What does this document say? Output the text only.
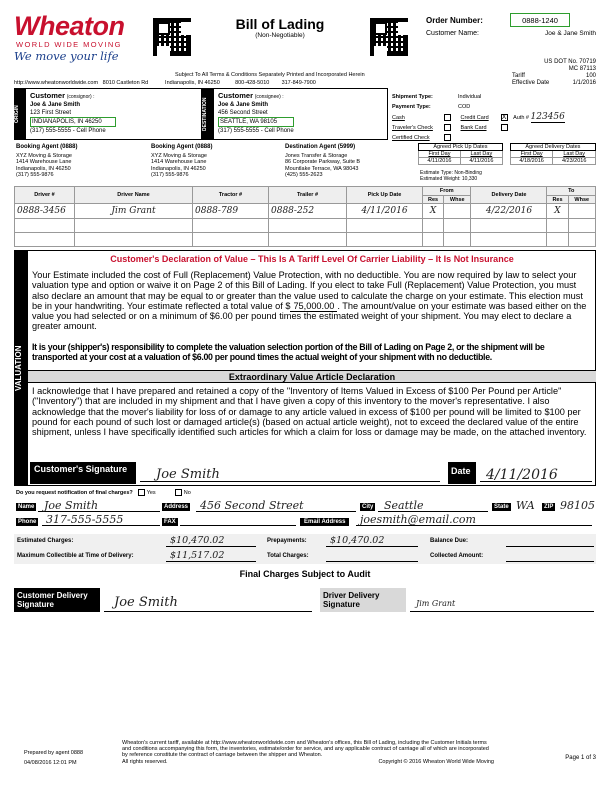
Wheaton
WORLD WIDE MOVING
We move your life
Bill of Lading
(Non-Negotiable)
Order Number:	0888-1240
Customer Name:	Joe & Jane Smith
US DOT No. 70719
MC 87113
Subject To All Terms & Conditions Separately Printed and Incorporated Herein	Tariff	100
http://www.wheatonworldwide.com 8010 Castleton Rd	Indianapolis, IN 46250	800-428-5010 317-849-7900	Effective Date	1/1/2016
ORIGIN
Customer (consignor) :
Joe & Jane Smith
123 First Street
INDIANAPOLIS, IN 46250
(317) 555-5555 - Cell Phone
DESTINATION
Customer (consignee) :
Joe & Jane Smith
456 Second Street
SEATTLE, WA 98105
(317) 555-5555 - Cell Phone
Shipment Type:	Individual
Payment Type:	COD
Cash	Credit Card X Auth # 123456
Traveler's Check	Bank Card
Certified Check
Booking Agent (0888)
XYZ Moving & Storage
1414 Warehouse Lane
Indianapolis, IN 46250
(317) 555-9876
Booking Agent (0888)
XYZ Moving & Storage
1414 Warehouse Lane
Indianapolis, IN 46250
(317) 555-9876
Destination Agent (5999)
Jones Transfer & Storage
86 Corporate Parkway, Suite B
Mountlake Terrace, WA 98043
(425) 555-2623
Agreed Pick Up Dates			Agreed Delivery Dates	
First Day	Last Day		First Day	Last Day
4/11/2016	4/11/2016		4/18/2016	4/23/2016
Estimate Type: Non-Binding
Estimated Weight: 10,330
Driver #	Driver Name	Tractor #	Trailer #	Pick Up Date	From		Delivery Date	To	
					Res	Whse		Res	Whse
0888-3456	Jim Grant	0888-789	0888-252	4/11/2016	X		4/22/2016	X	

VALUATION
Customer's Declaration of Value – This Is A Tariff Level Of Carrier Liability – It Is Not Insurance
Your Estimate included the cost of Full (Replacement) Value Protection, with no deductible. You are now required by law to select your valuation type and option or waive it on Page 2 of this Bill of Lading. If you elect to take Full (Replacement) Value Protection, you must also declare an amount that may be equal to or greater than the value used to calculate the charge on your estimate. This election must be in your handwriting. Your estimate reflected a total value of $ 75,000.00 . The amount/value on your estimate was based either on the value you had selected or on a minimum of $6.00 per pound times the estimated weight of your shipment. You may elect to declare a greater amount.
It is your (shipper's) responsibility to complete the valuation selection portion of the Bill of Lading on Page 2, or the shipment will be transported at your cost at a valuation of $6.00 per pound times the actual weight of your shipment with no deductible.
Extraordinary Value Article Declaration
I acknowledge that I have prepared and retained a copy of the "Inventory of Items Valued in Excess of $100 Per Pound per Article" ("Inventory") that are included in my shipment and that I have given a copy of this inventory to the mover's representative. I also acknowledge that the mover's liability for loss of or damage to any article valued in excess of $100 per pound will be limited to $100 per pound for each pound of such lost or damaged article(s) (based on actual article weight), not to exceed the declared value of the entire shipment, unless I have specifically identified such articles for which a claim for loss or damage may be made, on the attached inventory.
Customer's Signature	Joe Smith	Date	4/11/2016
Do you request notification of final charges?	Yes	No
Name Joe Smith	Address 456 Second Street	City Seattle	State WA	ZIP 98105
Phone 317-555-5555	FAX	Email Address	joesmith@email.com
Estimated Charges:	$10,470.02	Prepayments: $10,470.02	Balance Due:
Maximum Collectible at Time of Delivery:	$11,517.02	Total Charges:	Collected Amount:
Final Charges Subject to Audit
Customer Delivery Signature	Joe Smith	Driver Delivery Signature	Jim Grant
Prepared by agent 0888
04/08/2016 12:01 PM
Wheaton's current tariff, available at http://www.wheatonworldwide.com and Wheaton's offices, this Bill of Lading, including the Customer Initials terms and conditions accompanying this form, the inventories, estimate/order for service, and any applicable contract of carriage all of which are incorporated by reference constitute the contract of carriage between the shipper and Wheaton.
All rights reserved.	Copyright © 2016 Wheaton World Wide Moving
Page 1 of 3
